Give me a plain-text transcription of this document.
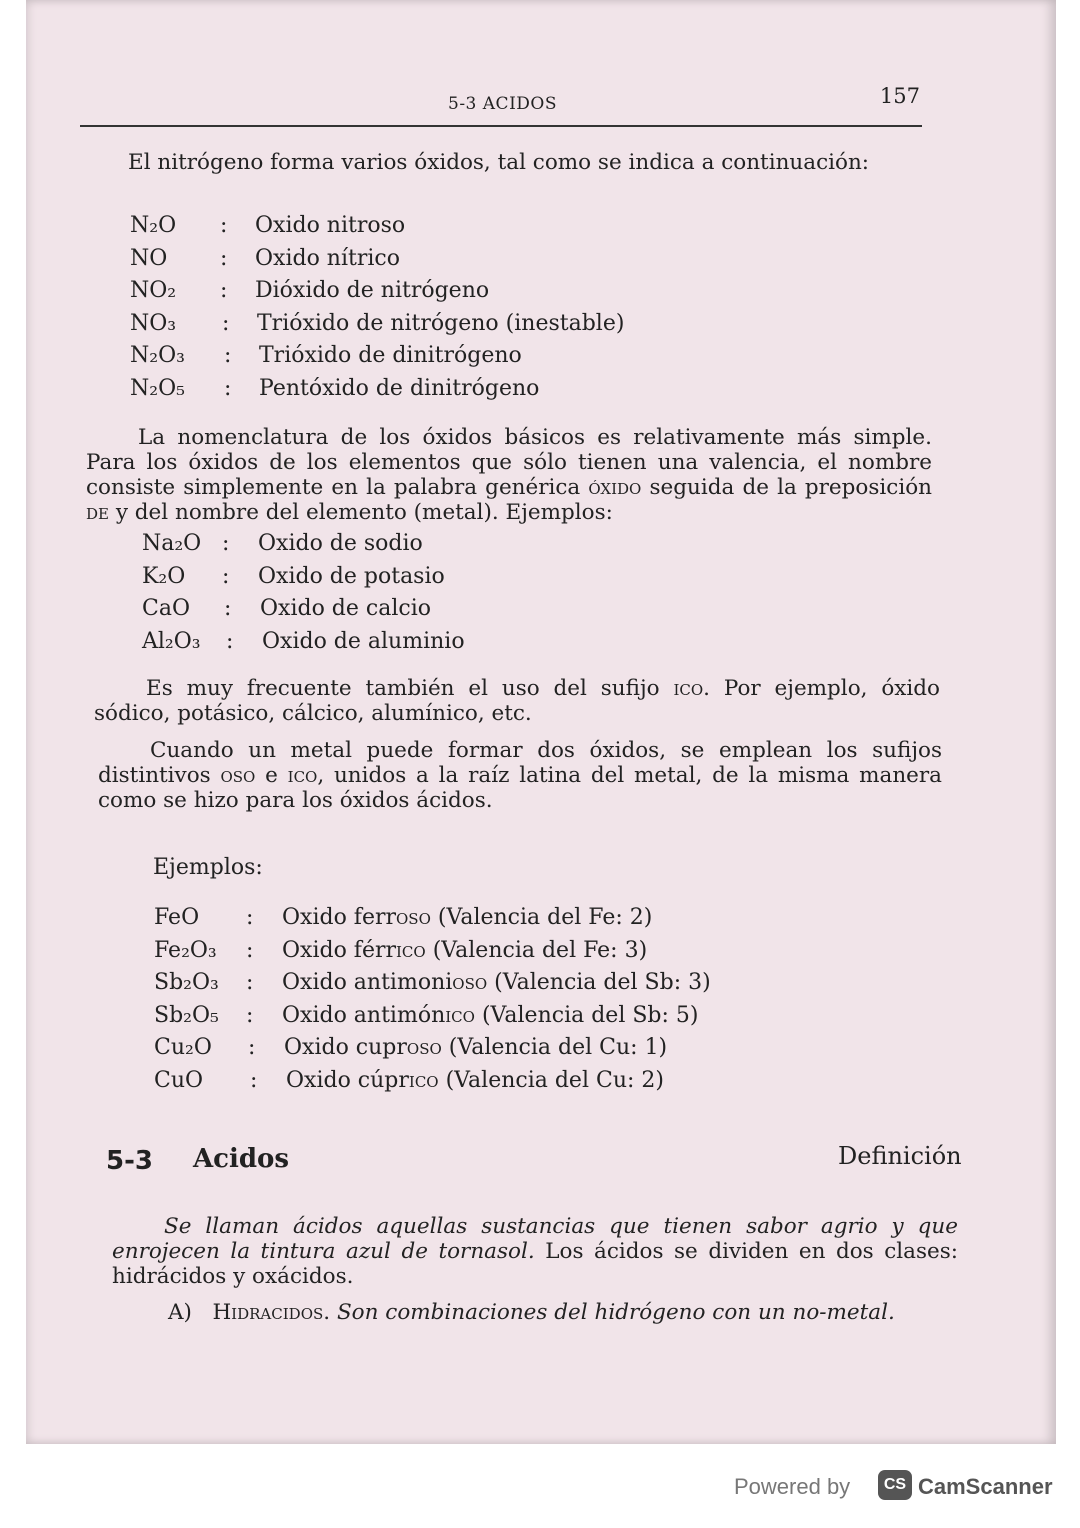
5-3 ACIDOS	157

El nitrógeno forma varios óxidos, tal como se indica a continuación:

N₂O : Oxido nitroso
NO : Oxido nítrico
NO₂ : Dióxido de nitrógeno
NO₃ : Trióxido de nitrógeno (inestable)
N₂O₃ : Trióxido de dinitrógeno
N₂O₅ : Pentóxido de dinitrógeno

La nomenclatura de los óxidos básicos es relativamente más simple. Para los óxidos de los elementos que sólo tienen una valencia, el nombre consiste simplemente en la palabra genérica óxido seguida de la preposición de y del nombre del elemento (metal). Ejemplos:

Na₂O : Oxido de sodio
K₂O : Oxido de potasio
CaO : Oxido de calcio
Al₂O₃ : Oxido de aluminio

Es muy frecuente también el uso del sufijo ico. Por ejemplo, óxido sódico, potásico, cálcico, alumínico, etc.

Cuando un metal puede formar dos óxidos, se emplean los sufijos distintivos oso e ico, unidos a la raíz latina del metal, de la misma manera como se hizo para los óxidos ácidos.

Ejemplos:
FeO : Oxido ferroso (Valencia del Fe: 2)
Fe₂O₃ : Oxido férrico (Valencia del Fe: 3)
Sb₂O₃ : Oxido antimonioso (Valencia del Sb: 3)
Sb₂O₅ : Oxido antimónico (Valencia del Sb: 5)
Cu₂O : Oxido cuproso (Valencia del Cu: 1)
CuO : Oxido cúprico (Valencia del Cu: 2)
5-3 Acidos	Definición

Se llaman ácidos aquellas sustancias que tienen sabor agrio y que enrojecen la tintura azul de tornasol. Los ácidos se dividen en dos clases: hidrácidos y oxácidos.

A) Hidracidos. Son combinaciones del hidrógeno con un no-metal.

Powered by	CS CamScanner
